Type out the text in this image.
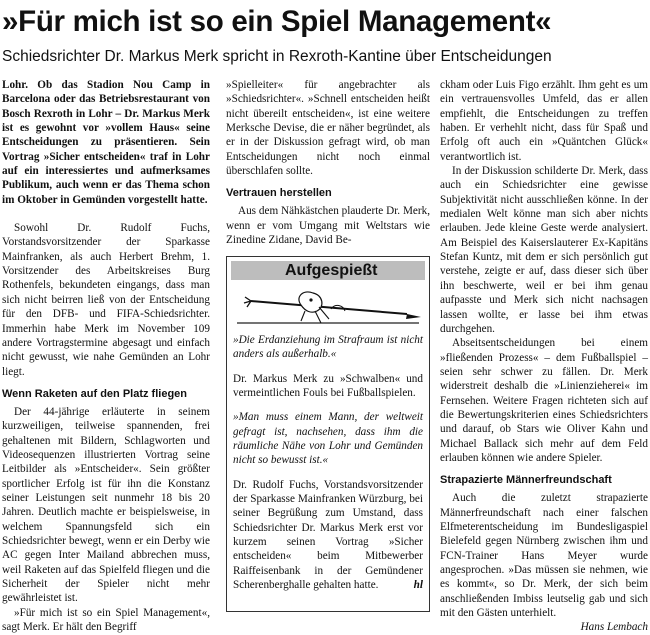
»Für mich ist so ein Spiel Management«
Schiedsrichter Dr. Markus Merk spricht in Rexroth-Kantine über Entscheidungen

Lohr. Ob das Stadion Nou Camp in Barcelona oder das Betriebsrestaurant von Bosch Rexroth in Lohr – Dr. Markus Merk ist es gewohnt vor »vollem Haus« seine Entscheidungen zu präsentieren. Sein Vortrag »Sicher entscheiden« traf in Lohr auf ein interessiertes und aufmerksames Publikum, auch wenn er das Thema schon im Oktober in Gemünden vorgestellt hatte.

Sowohl Dr. Rudolf Fuchs, Vorstandsvorsitzender der Sparkasse Mainfranken, als auch Herbert Brehm, 1. Vorsitzender des Arbeitskreises Burg Rothenfels, bekundeten eingangs, dass man sich nicht beirren ließ von der Entscheidung für den DFB- und FIFA-Schiedsrichter. Immerhin habe Merk im November 109 andere Vortragstermine abgesagt und einfach nicht gewusst, wie nahe Gemünden an Lohr liegt.

Wenn Raketen auf den Platz fliegen

Der 44-jährige erläuterte in seinem kurzweiligen, teilweise spannenden, frei gehaltenen mit Bildern, Schlagworten und Videosequenzen illustrierten Vortrag seine Leitbilder als »Entscheider«. Sein größter sportlicher Erfolg ist für ihn die Konstanz seiner Leistungen seit nunmehr 18 bis 20 Jahren. Deutlich machte er beispielsweise, in welchem Spannungsfeld sich ein Schiedsrichter bewegt, wenn er ein Derby wie AC gegen Inter Mailand abbrechen muss, weil Raketen auf das Spielfeld fliegen und die Sicherheit der Spieler nicht mehr gewährleistet ist.

»Für mich ist so ein Spiel Management«, sagt Merk. Er hält den Begriff

»Spielleiter« für angebrachter als »Schiedsrichter«. »Schnell entscheiden heißt nicht übereilt entscheiden«, ist eine weitere Merksche Devise, die er näher begründet, als er in der Diskussion gefragt wird, ob man Entscheidungen nicht noch einmal überschlafen sollte.

Vertrauen herstellen

Aus dem Nähkästchen plauderte Dr. Merk, wenn er vom Umgang mit Weltstars wie Zinedine Zidane, David Be-

Aufgespießt

»Die Erdanziehung im Strafraum ist nicht anders als außerhalb.«

Dr. Markus Merk zu »Schwalben« und vermeintlichen Fouls bei Fußballspielen.

»Man muss einem Mann, der weltweit gefragt ist, nachsehen, dass ihm die räumliche Nähe von Lohr und Gemünden nicht so bewusst ist.«

Dr. Rudolf Fuchs, Vorstandsvorsitzender der Sparkasse Mainfranken Würzburg, bei seiner Begrüßung zum Umstand, dass Schiedsrichter Dr. Markus Merk erst vor kurzem seinen Vortrag »Sicher entscheiden« beim Mitbewerber Raiffeisenbank in der Gemündener Scherenberghalle gehalten hatte.	hl

ckham oder Luis Figo erzählt. Ihm geht es um ein vertrauensvolles Umfeld, das er allen empfiehlt, die Entscheidungen zu treffen haben. Er verhehlt nicht, dass für Spaß und Erfolg oft auch ein »Quäntchen Glück« verantwortlich ist.

In der Diskussion schilderte Dr. Merk, dass auch ein Schiedsrichter eine gewisse Subjektivität nicht ausschließen könne. In der medialen Welt könne man sich aber nichts erlauben. Jede kleine Geste werde analysiert. Am Beispiel des Kaiserslauterer Ex-Kapitäns Stefan Kuntz, mit dem er sich persönlich gut verstehe, zeigte er auf, dass dieser sich über ihn beschwerte, weil er bei ihm genau aufpasste und Merk sich nicht nachsagen lassen wollte, er lasse bei ihm etwas durchgehen.

Abseitsentscheidungen bei einem »fließenden Prozess« – dem Fußballspiel – seien sehr schwer zu fällen. Dr. Merk widerstreit deshalb die »Linienzieherei« im Fernsehen. Weitere Fragen richteten sich auf die Bewertungskriterien eines Schiedsrichters und darauf, ob Stars wie Oliver Kahn und Michael Ballack sich mehr auf dem Feld erlauben können wie andere Spieler.

Strapazierte Männerfreundschaft

Auch die zuletzt strapazierte Männerfreundschaft nach einer falschen Elfmeterentscheidung im Bundesligaspiel Bielefeld gegen Nürnberg zwischen ihm und FCN-Trainer Hans Meyer wurde angesprochen. »Das müssen sie nehmen, wie es kommt«, so Dr. Merk, der sich beim anschließenden Imbiss leutselig gab und sich mit den Gästen unterhielt.

Hans Lembach
